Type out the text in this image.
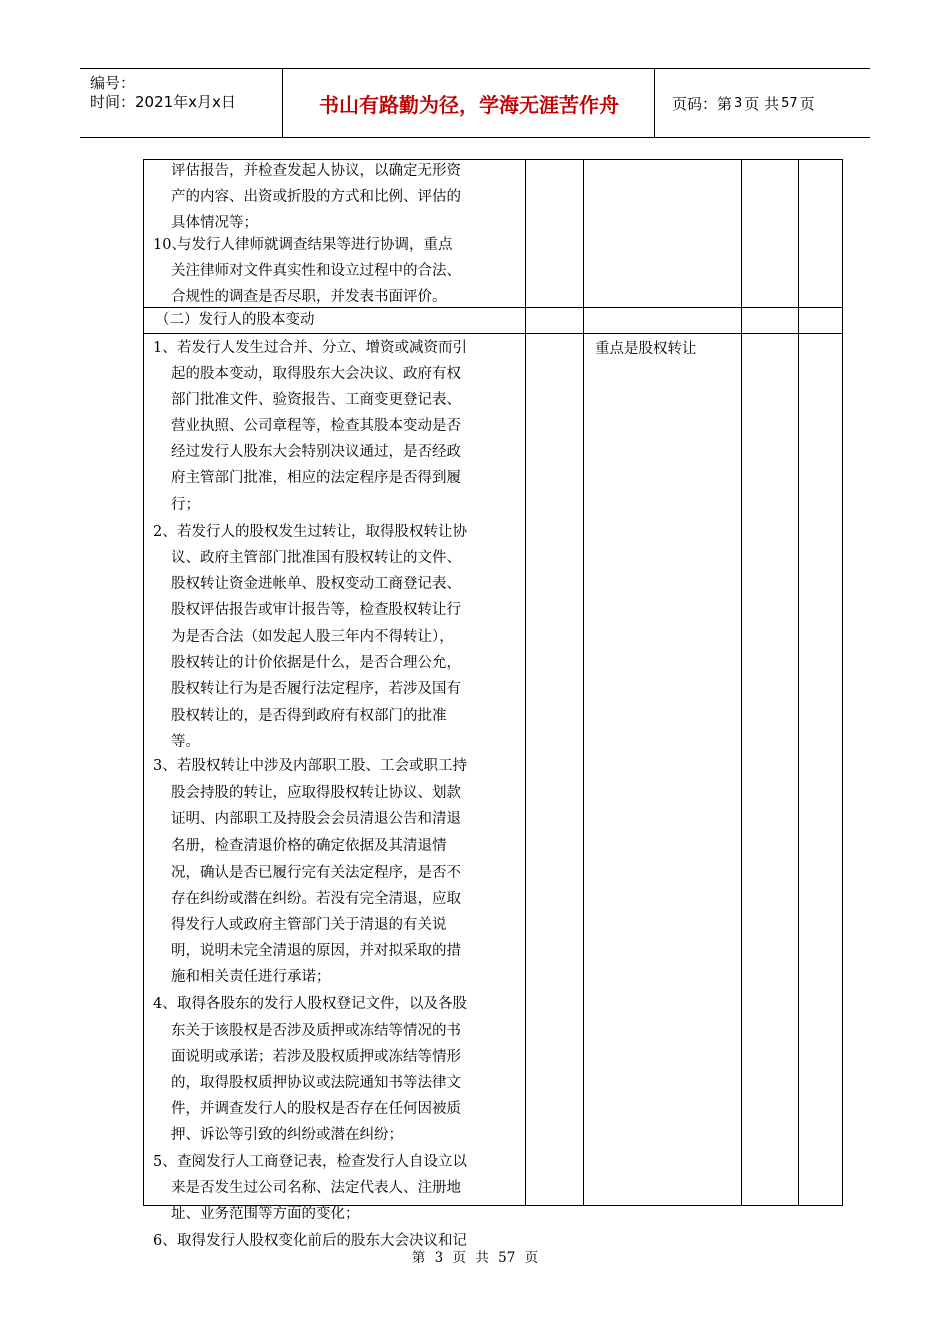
编号：
时间：2021年x月x日	书山有路勤为径，学海无涯苦作舟	页码：第 3 页 共 57 页
评估报告，并检查发起人协议，以确定无形资
产的内容、出资或折股的方式和比例、评估的
具体情况等；
10、
与发行人律师就调查结果等进行协调，重点
关注律师对文件真实性和设立过程中的合法、
合规性的调查是否尽职，并发表书面评价。
（二）发行人的股本变动
重点是股权转让
1、 若发行人发生过合并、分立、增资或减资而引
起的股本变动，取得股东大会决议、政府有权
部门批准文件、验资报告、工商变更登记表、
营业执照、公司章程等，检查其股本变动是否
经过发行人股东大会特别决议通过，是否经政
府主管部门批准，相应的法定程序是否得到履
行；
2、 若发行人的股权发生过转让，取得股权转让协
议、政府主管部门批准国有股权转让的文件、
股权转让资金进帐单、股权变动工商登记表、
股权评估报告或审计报告等，检查股权转让行
为是否合法（如发起人股三年内不得转让），
股权转让的计价依据是什么，是否合理公允，
股权转让行为是否履行法定程序，若涉及国有
股权转让的，是否得到政府有权部门的批准
等。
3、 若股权转让中涉及内部职工股、工会或职工持
股会持股的转让，应取得股权转让协议、划款
证明、内部职工及持股会会员清退公告和清退
名册，检查清退价格的确定依据及其清退情
况，确认是否已履行完有关法定程序，是否不
存在纠纷或潜在纠纷。若没有完全清退，应取
得发行人或政府主管部门关于清退的有关说
明，说明未完全清退的原因，并对拟采取的措
施和相关责任进行承诺；
4、 取得各股东的发行人股权登记文件，以及各股
东关于该股权是否涉及质押或冻结等情况的书
面说明或承诺；若涉及股权质押或冻结等情形
的，取得股权质押协议或法院通知书等法律文
件，并调查发行人的股权是否存在任何因被质
押、诉讼等引致的纠纷或潜在纠纷；
5、 查阅发行人工商登记表，检查发行人自设立以
来是否发生过公司名称、法定代表人、注册地
址、业务范围等方面的变化；
6、 取得发行人股权变化前后的股东大会决议和记
第 3 页 共 57 页
